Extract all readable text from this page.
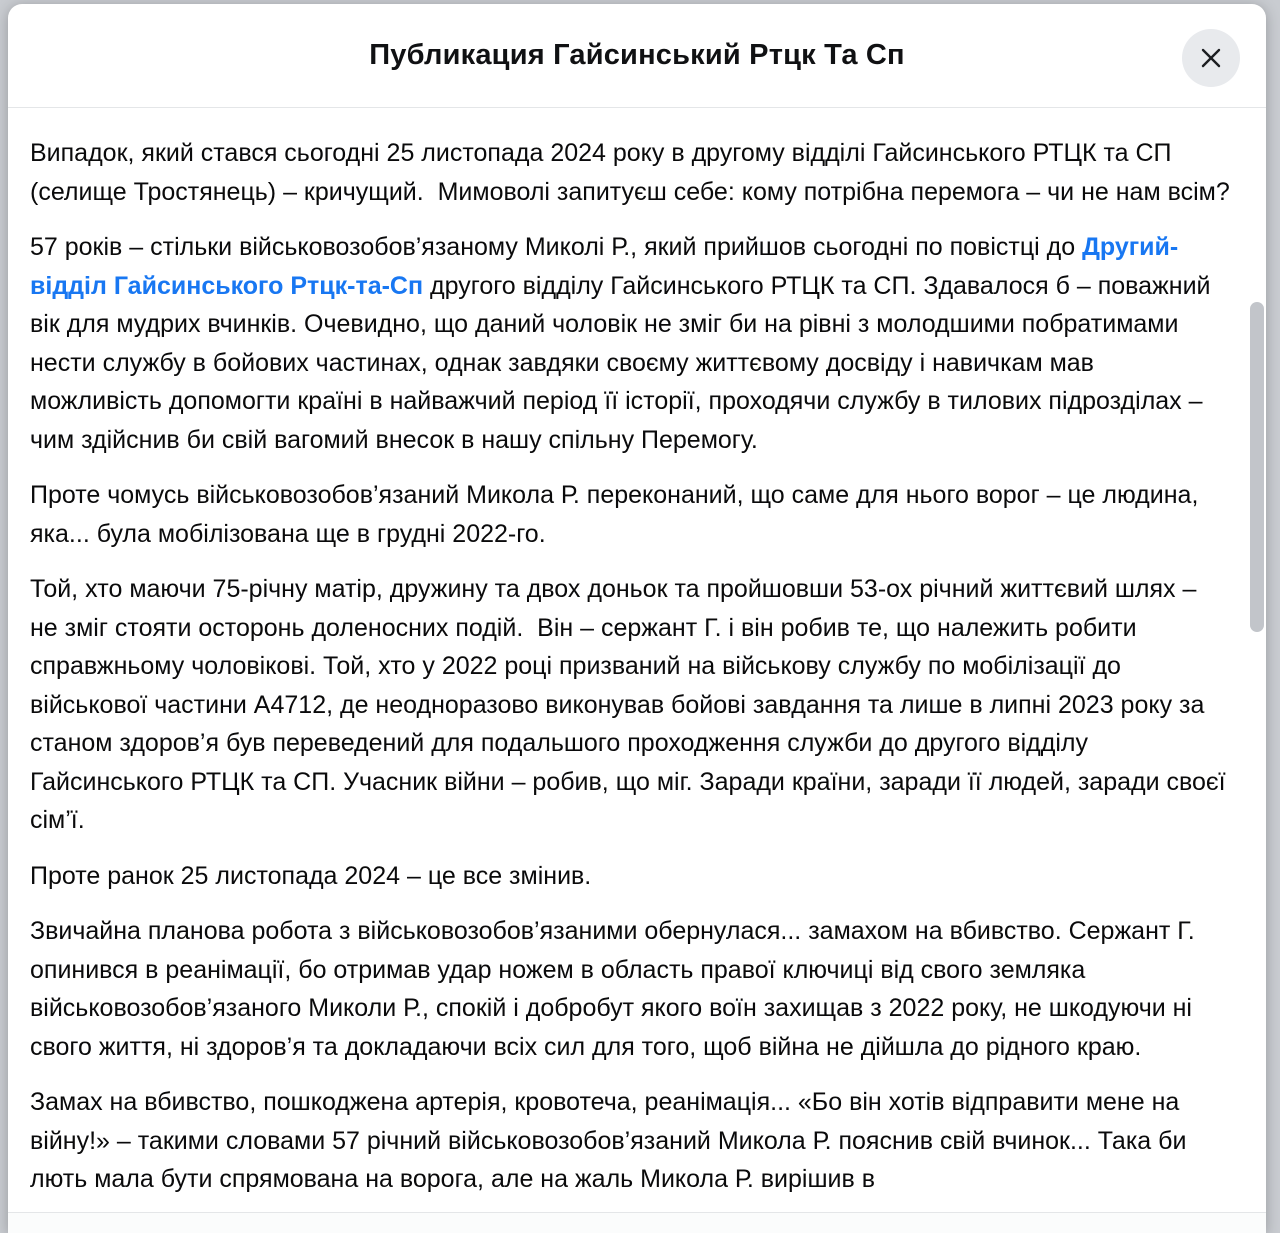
Публикация Гайсинський Ртцк Та Сп

Випадок, який стався сьогодні 25 листопада 2024 року в другому відділі Гайсинського РТЦК та СП (селище Тростянець) – кричущий.  Мимоволі запитуєш себе: кому потрібна перемога – чи не нам всім?

57 років – стільки військовозобов’язаному Миколі Р., який прийшов сьогодні по повістці до Другий-відділ Гайсинського Ртцк-та-Сп другого відділу Гайсинського РТЦК та СП. Здавалося б – поважний вік для мудрих вчинків. Очевидно, що даний чоловік не зміг би на рівні з молодшими побратимами нести службу в бойових частинах, однак завдяки своєму життєвому досвіду і навичкам мав можливість допомогти країні в найважчий період її історії, проходячи службу в тилових підрозділах – чим здійснив би свій вагомий внесок в нашу спільну Перемогу.

Проте чомусь військовозобов’язаний Микола Р. переконаний, що саме для нього ворог – це людина, яка... була мобілізована ще в грудні 2022-го.

Той, хто маючи 75-річну матір, дружину та двох доньок та пройшовши 53-ох річний життєвий шлях – не зміг стояти осторонь доленосних подій.  Він – сержант Г. і він робив те, що належить робити справжньому чоловікові. Той, хто у 2022 році призваний на військову службу по мобілізації до військової частини А4712, де неодноразово виконував бойові завдання та лише в липні 2023 року за станом здоров’я був переведений для подальшого проходження служби до другого відділу Гайсинського РТЦК та СП. Учасник війни – робив, що міг. Заради країни, заради її людей, заради своєї сім’ї.

Проте ранок 25 листопада 2024 – це все змінив.

Звичайна планова робота з військовозобов’язаними обернулася... замахом на вбивство. Сержант Г. опинився в реанімації, бо отримав удар ножем в область правої ключиці від свого земляка військовозобов’язаного Миколи Р., спокій і добробут якого воїн захищав з 2022 року, не шкодуючи ні свого життя, ні здоров’я та докладаючи всіх сил для того, щоб війна не дійшла до рідного краю.

Замах на вбивство, пошкоджена артерія, кровотеча, реанімація... «Бо він хотів відправити мене на війну!» – такими словами 57 річний військовозобов’язаний Микола Р. пояснив свій вчинок... Така би лють мала бути спрямована на ворога, але на жаль Микола Р. вирішив в
